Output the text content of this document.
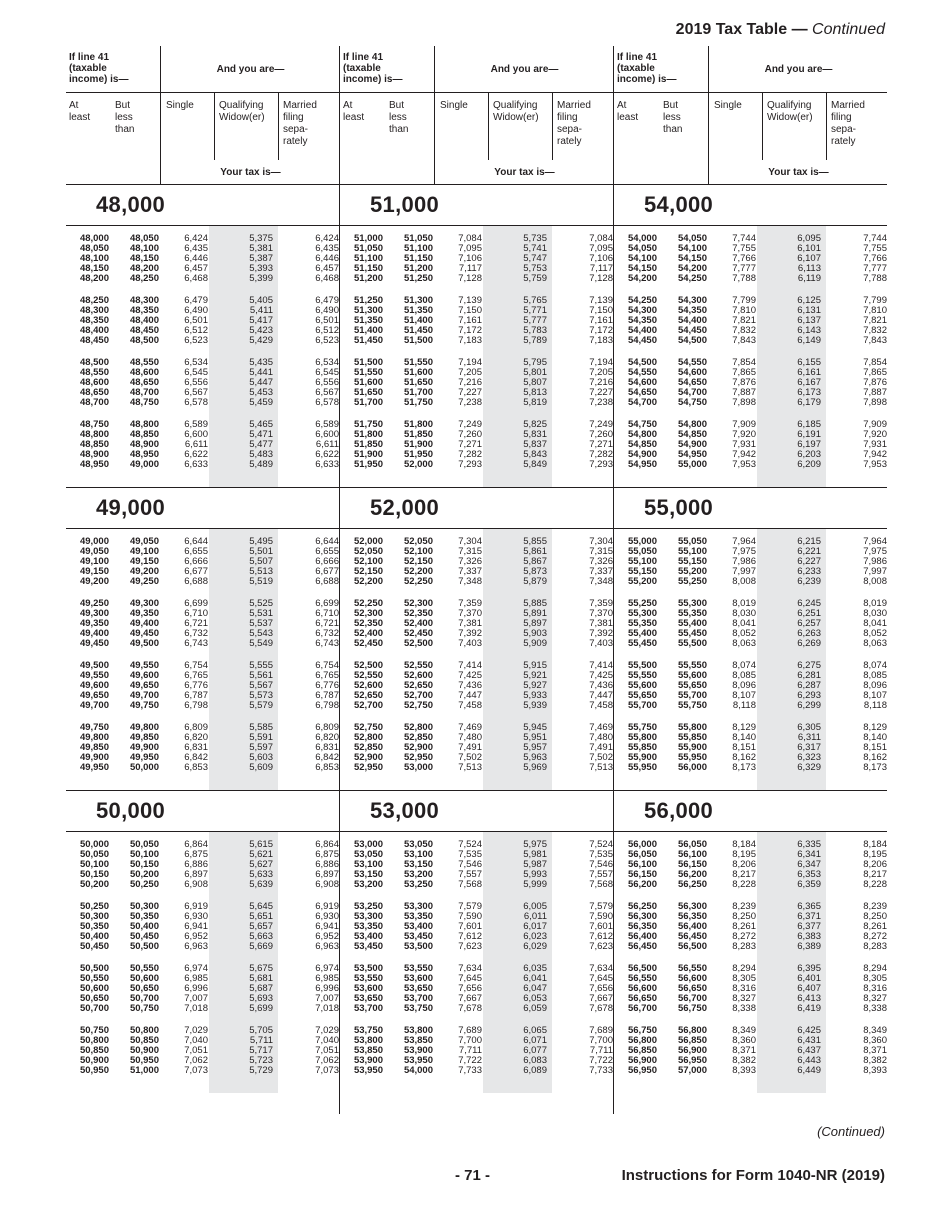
2019 Tax Table — Continued
If line 41
(taxable
income) is—
And you are—
At
least
But
less
than
Single	Qualifying
Widow(er)
Married
filing
sepa-
rately
Your tax is—
48,000
48,000	48,050	6,424	5,375	6,424
48,050	48,100	6,435	5,381	6,435
48,100	48,150	6,446	5,387	6,446
48,150	48,200	6,457	5,393	6,457
48,200	48,250	6,468	5,399	6,468
48,250	48,300	6,479	5,405	6,479
48,300	48,350	6,490	5,411	6,490
48,350	48,400	6,501	5,417	6,501
48,400	48,450	6,512	5,423	6,512
48,450	48,500	6,523	5,429	6,523
48,500	48,550	6,534	5,435	6,534
48,550	48,600	6,545	5,441	6,545
48,600	48,650	6,556	5,447	6,556
48,650	48,700	6,567	5,453	6,567
48,700	48,750	6,578	5,459	6,578
48,750	48,800	6,589	5,465	6,589
48,800	48,850	6,600	5,471	6,600
48,850	48,900	6,611	5,477	6,611
48,900	48,950	6,622	5,483	6,622
48,950	49,000	6,633	5,489	6,633
49,000
49,000	49,050	6,644	5,495	6,644
49,050	49,100	6,655	5,501	6,655
49,100	49,150	6,666	5,507	6,666
49,150	49,200	6,677	5,513	6,677
49,200	49,250	6,688	5,519	6,688
49,250	49,300	6,699	5,525	6,699
49,300	49,350	6,710	5,531	6,710
49,350	49,400	6,721	5,537	6,721
49,400	49,450	6,732	5,543	6,732
49,450	49,500	6,743	5,549	6,743
49,500	49,550	6,754	5,555	6,754
49,550	49,600	6,765	5,561	6,765
49,600	49,650	6,776	5,567	6,776
49,650	49,700	6,787	5,573	6,787
49,700	49,750	6,798	5,579	6,798
49,750	49,800	6,809	5,585	6,809
49,800	49,850	6,820	5,591	6,820
49,850	49,900	6,831	5,597	6,831
49,900	49,950	6,842	5,603	6,842
49,950	50,000	6,853	5,609	6,853
50,000
50,000	50,050	6,864	5,615	6,864
50,050	50,100	6,875	5,621	6,875
50,100	50,150	6,886	5,627	6,886
50,150	50,200	6,897	5,633	6,897
50,200	50,250	6,908	5,639	6,908
50,250	50,300	6,919	5,645	6,919
50,300	50,350	6,930	5,651	6,930
50,350	50,400	6,941	5,657	6,941
50,400	50,450	6,952	5,663	6,952
50,450	50,500	6,963	5,669	6,963
50,500	50,550	6,974	5,675	6,974
50,550	50,600	6,985	5,681	6,985
50,600	50,650	6,996	5,687	6,996
50,650	50,700	7,007	5,693	7,007
50,700	50,750	7,018	5,699	7,018
50,750	50,800	7,029	5,705	7,029
50,800	50,850	7,040	5,711	7,040
50,850	50,900	7,051	5,717	7,051
50,900	50,950	7,062	5,723	7,062
50,950	51,000	7,073	5,729	7,073
If line 41
(taxable
income) is—
And you are—
At
least
But
less
than
Single	Qualifying
Widow(er)
Married
filing
sepa-
rately
Your tax is—
51,000
51,000	51,050	7,084	5,735	7,084
51,050	51,100	7,095	5,741	7,095
51,100	51,150	7,106	5,747	7,106
51,150	51,200	7,117	5,753	7,117
51,200	51,250	7,128	5,759	7,128
51,250	51,300	7,139	5,765	7,139
51,300	51,350	7,150	5,771	7,150
51,350	51,400	7,161	5,777	7,161
51,400	51,450	7,172	5,783	7,172
51,450	51,500	7,183	5,789	7,183
51,500	51,550	7,194	5,795	7,194
51,550	51,600	7,205	5,801	7,205
51,600	51,650	7,216	5,807	7,216
51,650	51,700	7,227	5,813	7,227
51,700	51,750	7,238	5,819	7,238
51,750	51,800	7,249	5,825	7,249
51,800	51,850	7,260	5,831	7,260
51,850	51,900	7,271	5,837	7,271
51,900	51,950	7,282	5,843	7,282
51,950	52,000	7,293	5,849	7,293
52,000
52,000	52,050	7,304	5,855	7,304
52,050	52,100	7,315	5,861	7,315
52,100	52,150	7,326	5,867	7,326
52,150	52,200	7,337	5,873	7,337
52,200	52,250	7,348	5,879	7,348
52,250	52,300	7,359	5,885	7,359
52,300	52,350	7,370	5,891	7,370
52,350	52,400	7,381	5,897	7,381
52,400	52,450	7,392	5,903	7,392
52,450	52,500	7,403	5,909	7,403
52,500	52,550	7,414	5,915	7,414
52,550	52,600	7,425	5,921	7,425
52,600	52,650	7,436	5,927	7,436
52,650	52,700	7,447	5,933	7,447
52,700	52,750	7,458	5,939	7,458
52,750	52,800	7,469	5,945	7,469
52,800	52,850	7,480	5,951	7,480
52,850	52,900	7,491	5,957	7,491
52,900	52,950	7,502	5,963	7,502
52,950	53,000	7,513	5,969	7,513
53,000
53,000	53,050	7,524	5,975	7,524
53,050	53,100	7,535	5,981	7,535
53,100	53,150	7,546	5,987	7,546
53,150	53,200	7,557	5,993	7,557
53,200	53,250	7,568	5,999	7,568
53,250	53,300	7,579	6,005	7,579
53,300	53,350	7,590	6,011	7,590
53,350	53,400	7,601	6,017	7,601
53,400	53,450	7,612	6,023	7,612
53,450	53,500	7,623	6,029	7,623
53,500	53,550	7,634	6,035	7,634
53,550	53,600	7,645	6,041	7,645
53,600	53,650	7,656	6,047	7,656
53,650	53,700	7,667	6,053	7,667
53,700	53,750	7,678	6,059	7,678
53,750	53,800	7,689	6,065	7,689
53,800	53,850	7,700	6,071	7,700
53,850	53,900	7,711	6,077	7,711
53,900	53,950	7,722	6,083	7,722
53,950	54,000	7,733	6,089	7,733
If line 41
(taxable
income) is—
And you are—
At
least
But
less
than
Single	Qualifying
Widow(er)
Married
filing
sepa-
rately
Your tax is—
54,000
54,000	54,050	7,744	6,095	7,744
54,050	54,100	7,755	6,101	7,755
54,100	54,150	7,766	6,107	7,766
54,150	54,200	7,777	6,113	7,777
54,200	54,250	7,788	6,119	7,788
54,250	54,300	7,799	6,125	7,799
54,300	54,350	7,810	6,131	7,810
54,350	54,400	7,821	6,137	7,821
54,400	54,450	7,832	6,143	7,832
54,450	54,500	7,843	6,149	7,843
54,500	54,550	7,854	6,155	7,854
54,550	54,600	7,865	6,161	7,865
54,600	54,650	7,876	6,167	7,876
54,650	54,700	7,887	6,173	7,887
54,700	54,750	7,898	6,179	7,898
54,750	54,800	7,909	6,185	7,909
54,800	54,850	7,920	6,191	7,920
54,850	54,900	7,931	6,197	7,931
54,900	54,950	7,942	6,203	7,942
54,950	55,000	7,953	6,209	7,953
55,000
55,000	55,050	7,964	6,215	7,964
55,050	55,100	7,975	6,221	7,975
55,100	55,150	7,986	6,227	7,986
55,150	55,200	7,997	6,233	7,997
55,200	55,250	8,008	6,239	8,008
55,250	55,300	8,019	6,245	8,019
55,300	55,350	8,030	6,251	8,030
55,350	55,400	8,041	6,257	8,041
55,400	55,450	8,052	6,263	8,052
55,450	55,500	8,063	6,269	8,063
55,500	55,550	8,074	6,275	8,074
55,550	55,600	8,085	6,281	8,085
55,600	55,650	8,096	6,287	8,096
55,650	55,700	8,107	6,293	8,107
55,700	55,750	8,118	6,299	8,118
55,750	55,800	8,129	6,305	8,129
55,800	55,850	8,140	6,311	8,140
55,850	55,900	8,151	6,317	8,151
55,900	55,950	8,162	6,323	8,162
55,950	56,000	8,173	6,329	8,173
56,000
56,000	56,050	8,184	6,335	8,184
56,050	56,100	8,195	6,341	8,195
56,100	56,150	8,206	6,347	8,206
56,150	56,200	8,217	6,353	8,217
56,200	56,250	8,228	6,359	8,228
56,250	56,300	8,239	6,365	8,239
56,300	56,350	8,250	6,371	8,250
56,350	56,400	8,261	6,377	8,261
56,400	56,450	8,272	6,383	8,272
56,450	56,500	8,283	6,389	8,283
56,500	56,550	8,294	6,395	8,294
56,550	56,600	8,305	6,401	8,305
56,600	56,650	8,316	6,407	8,316
56,650	56,700	8,327	6,413	8,327
56,700	56,750	8,338	6,419	8,338
56,750	56,800	8,349	6,425	8,349
56,800	56,850	8,360	6,431	8,360
56,850	56,900	8,371	6,437	8,371
56,900	56,950	8,382	6,443	8,382
56,950	57,000	8,393	6,449	8,393
(Continued)
- 71 -	Instructions for Form 1040-NR (2019)
